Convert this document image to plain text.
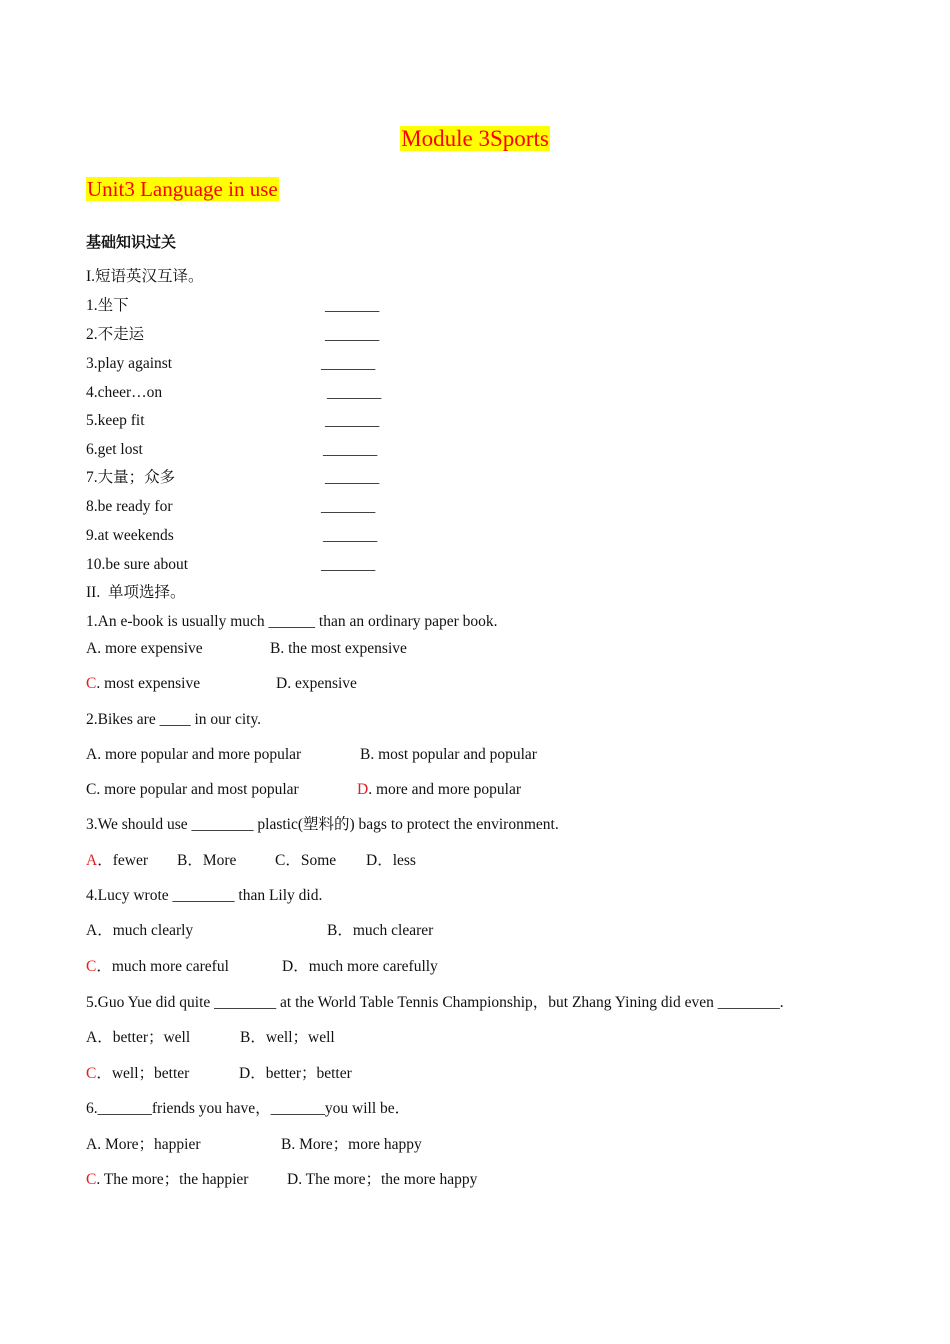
Module 3Sports
Unit3 Language in use
基础知识过关
I.短语英汉互译。
1.坐下	_______
2.不走运	_______
3.play against	_______
4.cheer…on	_______
5.keep fit	_______
6.get lost	_______
7.大量；众多	_______
8.be ready for	_______
9.at weekends	_______
10.be sure about	_______
II.  单项选择。
1.An e-book is usually much ______ than an ordinary paper book.
A. more expensive	B. the most expensive
C. most expensive	D. expensive
2.Bikes are ____ in our city.
A. more popular and more popular	B. most popular and popular
C. more popular and most popular	D. more and more popular
3.We should use ________ plastic(塑料的) bags to protect the environment.
A．fewer B．More C．Some D．less
4.Lucy wrote ________ than Lily did.
A．much clearly	B．much clearer
C．much more careful	D．much more carefully
5.Guo Yue did quite ________ at the World Table Tennis Championship，but Zhang Yining did even ________.
A．better；well	B．well；well
C．well；better	D．better；better
6._______friends you have，_______you will be．
A. More；happier	B. More；more happy
C. The more；the happier D. The more；the more happy
